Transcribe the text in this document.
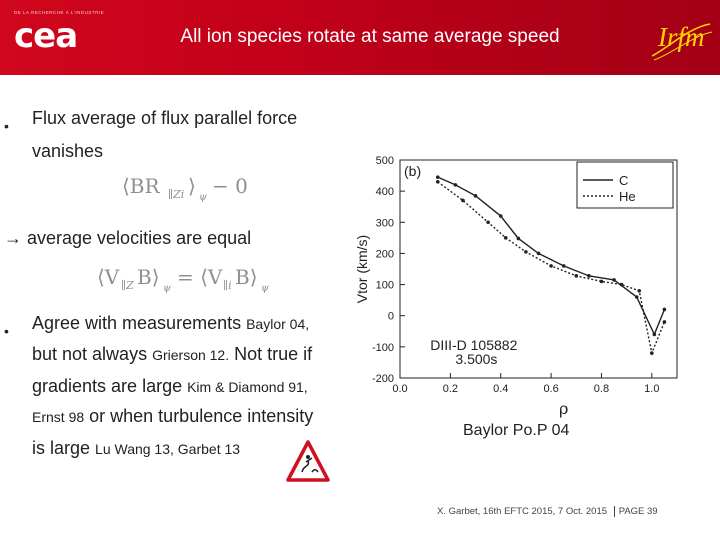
DE LA RECHERCHE À L'INDUSTRIE
cea	All ion species rotate at same average speed	Irfm
• Flux average of flux parallel force
vanishes
⟨BR ∥Zi ⟩ ψ − 0
→ average velocities are equal
⟨V ∥Z B⟩ ψ = ⟨V ∥i B⟩ ψ
• Agree with measurements Baylor 04,
but not always Grierson 12. Not true if
gradients are large Kim & Diamond 91,
Ernst 98 or when turbulence intensity
is large Lu Wang 13, Garbet 13
500
400
300
200
100
0
-100
-200
0.0	0.2	0.4	0.6	0.8	1.0
Vtor (km/s)
ρ
(b)
DIII-D 105882
3.500s
C
He
Baylor Po.P 04
X. Garbet, 16th EFTC 2015, 7 Oct. 2015 PAGE 39
